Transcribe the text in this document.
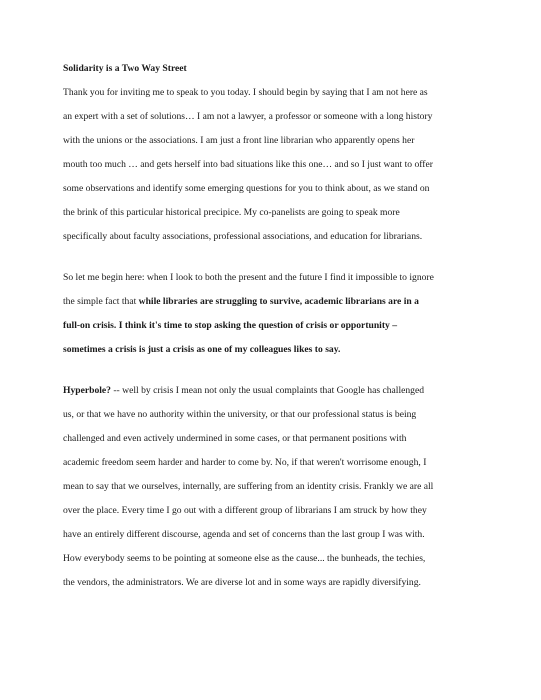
Solidarity is a Two Way Street
Thank you for inviting me to speak to you today. I should begin by saying that I am not here as
an expert with a set of solutions… I am not a lawyer, a professor or someone with a long history
with the unions or the associations. I am just a front line librarian who apparently opens her
mouth too much … and gets herself into bad situations like this one… and so I just want to offer
some observations and identify some emerging questions for you to think about, as we stand on
the brink of this particular historical precipice. My co-panelists are going to speak more
specifically about faculty associations, professional associations, and education for librarians.
So let me begin here: when I look to both the present and the future I find it impossible to ignore
the simple fact that while libraries are struggling to survive, academic librarians are in a
full-on crisis. I think it's time to stop asking the question of crisis or opportunity –
sometimes a crisis is just a crisis as one of my colleagues likes to say.
Hyperbole? -- well by crisis I mean not only the usual complaints that Google has challenged
us, or that we have no authority within the university, or that our professional status is being
challenged and even actively undermined in some cases, or that permanent positions with
academic freedom seem harder and harder to come by. No, if that weren't worrisome enough, I
mean to say that we ourselves, internally, are suffering from an identity crisis. Frankly we are all
over the place. Every time I go out with a different group of librarians I am struck by how they
have an entirely different discourse, agenda and set of concerns than the last group I was with.
How everybody seems to be pointing at someone else as the cause... the bunheads, the techies,
the vendors, the administrators. We are diverse lot and in some ways are rapidly diversifying.
